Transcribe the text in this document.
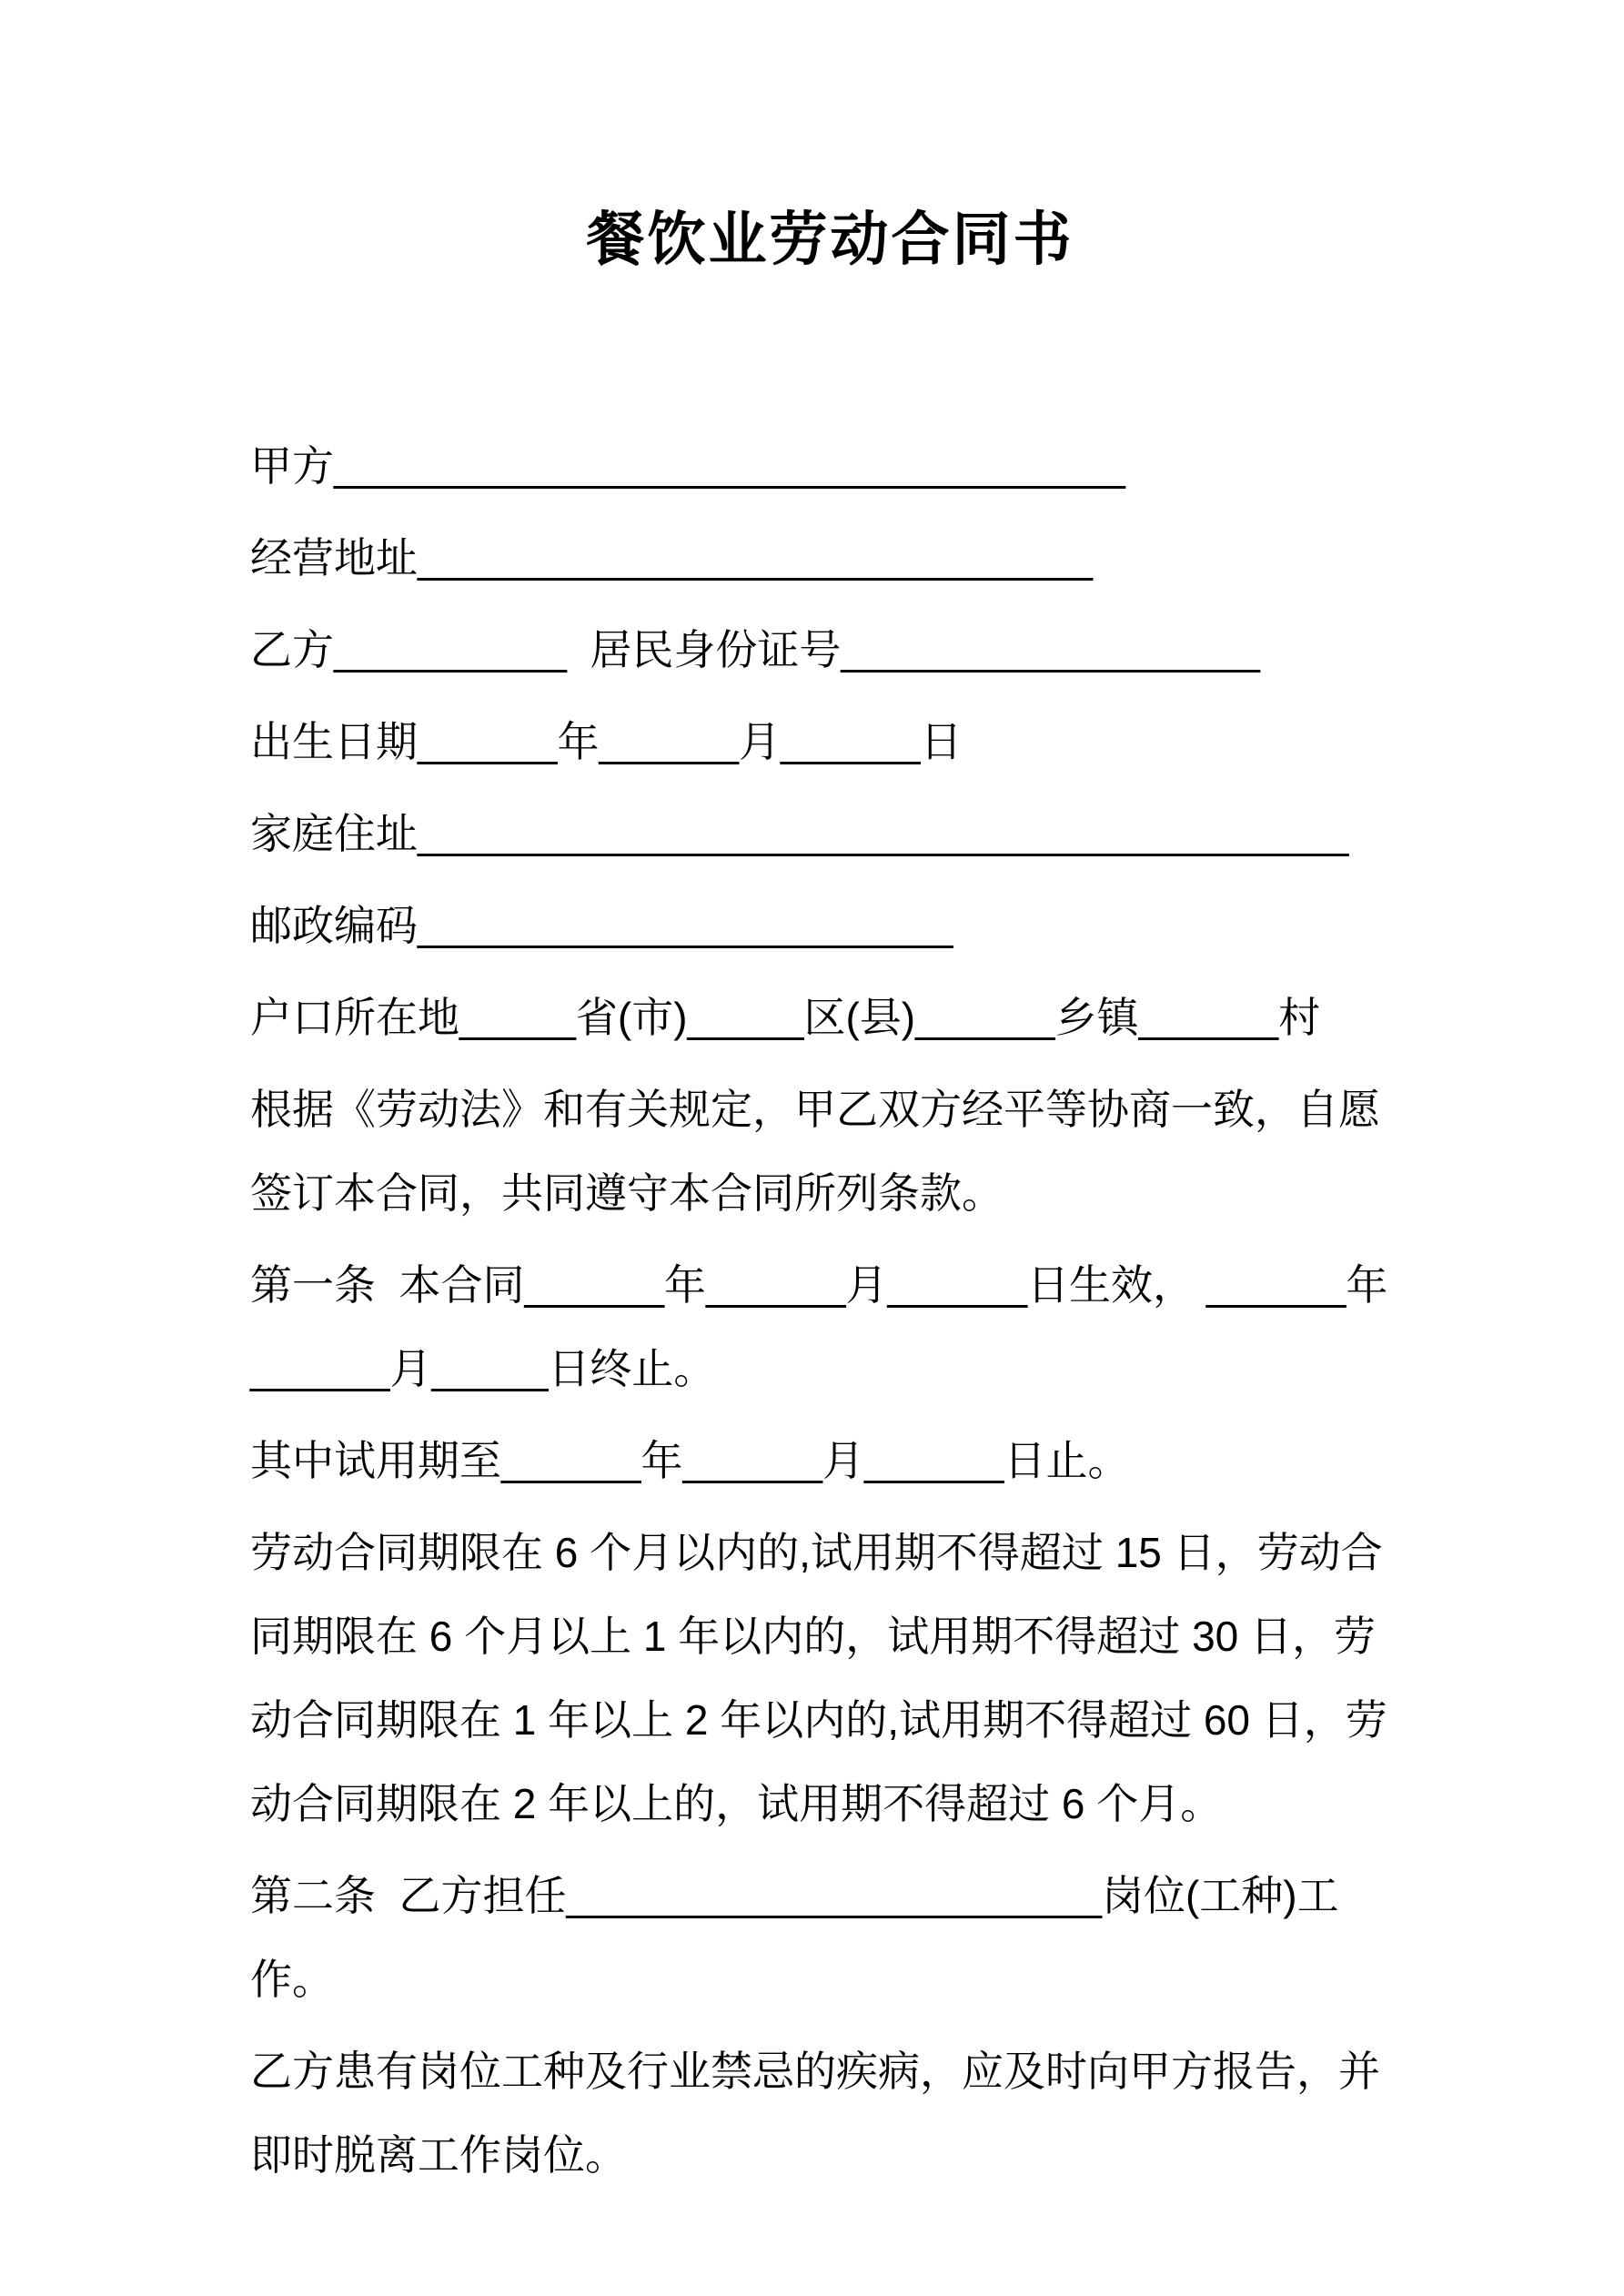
餐饮业劳动合同书

甲方__________________________________

经营地址_____________________________

乙方__________  居民身份证号__________________

出生日期______年______月______日

家庭住址________________________________________

邮政编码_______________________

户口所在地_____省(市)_____区(县)______乡镇______村

根据《劳动法》和有关规定，甲乙双方经平等协商一致，自愿签订本合同，共同遵守本合同所列条款。

第一条  本合同______年______月______日生效， ______年______月_____日终止。

其中试用期至______年______月______日止。

劳动合同期限在 6 个月以内的,试用期不得超过 15 日，劳动合同期限在 6 个月以上 1 年以内的，试用期不得超过 30 日，劳动合同期限在 1 年以上 2 年以内的,试用期不得超过 60 日，劳动合同期限在 2 年以上的，试用期不得超过 6 个月。

第二条  乙方担任_______________________岗位(工种)工作。

乙方患有岗位工种及行业禁忌的疾病，应及时向甲方报告，并即时脱离工作岗位。
